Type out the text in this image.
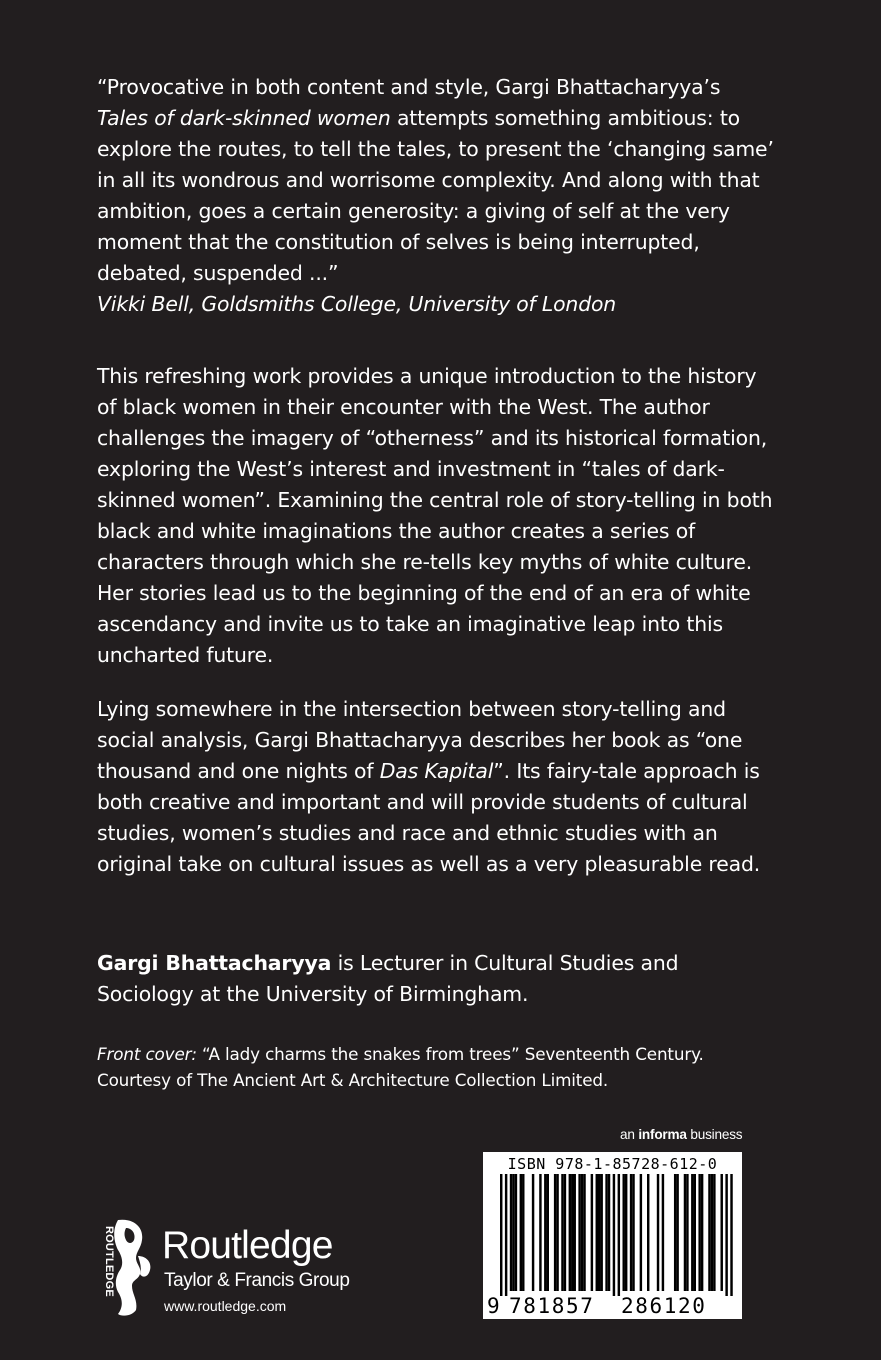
“Provocative in both content and style, Gargi Bhattacharyya’s
Tales of dark-skinned women attempts something ambitious: to explore the routes, to tell the tales, to present the ‘changing same’ in all its wondrous and worrisome complexity. And along with that ambition, goes a certain generosity: a giving of self at the very moment that the constitution of selves is being interrupted, debated, suspended ...”

Vikki Bell, Goldsmiths College, University of London

This refreshing work provides a unique introduction to the history of black women in their encounter with the West. The author challenges the imagery of “otherness” and its historical formation, exploring the West’s interest and investment in “tales of dark-skinned women”. Examining the central role of story-telling in both black and white imaginations the author creates a series of characters through which she re-tells key myths of white culture. Her stories lead us to the beginning of the end of an era of white ascendancy and invite us to take an imaginative leap into this uncharted future.

Lying somewhere in the intersection between story-telling and social analysis, Gargi Bhattacharyya describes her book as “one thousand and one nights of Das Kapital”. Its fairy-tale approach is both creative and important and will provide students of cultural studies, women’s studies and race and ethnic studies with an original take on cultural issues as well as a very pleasurable read.

Gargi Bhattacharyya is Lecturer in Cultural Studies and Sociology at the University of Birmingham.

Front cover: “A lady charms the snakes from trees” Seventeenth Century. Courtesy of The Ancient Art & Architecture Collection Limited.

an informa business
ISBN 978-1-85728-612-0
9 781857 286120
ROUTLEDGE Routledge
Taylor & Francis Group
www.routledge.com
